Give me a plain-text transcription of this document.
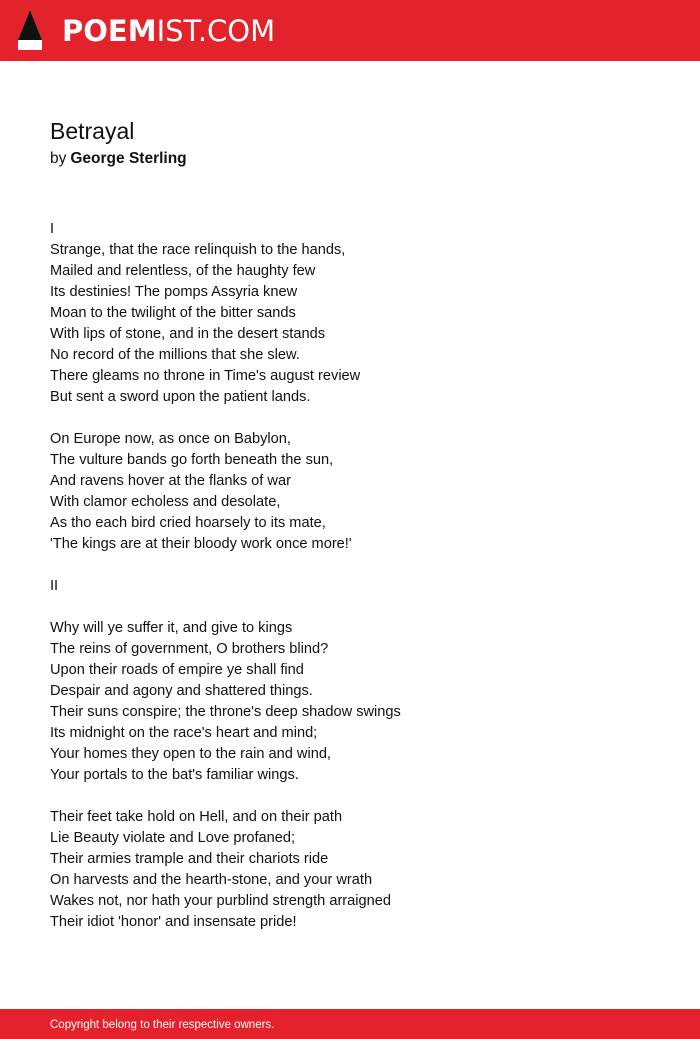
POEMIST.COM
Betrayal
by George Sterling
I
Strange, that the race relinquish to the hands,
Mailed and relentless, of the haughty few
Its destinies! The pomps Assyria knew
Moan to the twilight of the bitter sands
With lips of stone, and in the desert stands
No record of the millions that she slew.
There gleams no throne in Time's august review
But sent a sword upon the patient lands.
On Europe now, as once on Babylon,
The vulture bands go forth beneath the sun,
And ravens hover at the flanks of war
With clamor echoless and desolate,
As tho each bird cried hoarsely to its mate,
'The kings are at their bloody work once more!'
II
Why will ye suffer it, and give to kings
The reins of government, O brothers blind?
Upon their roads of empire ye shall find
Despair and agony and shattered things.
Their suns conspire; the throne's deep shadow swings
Its midnight on the race's heart and mind;
Your homes they open to the rain and wind,
Your portals to the bat's familiar wings.
Their feet take hold on Hell, and on their path
Lie Beauty violate and Love profaned;
Their armies trample and their chariots ride
On harvests and the hearth-stone, and your wrath
Wakes not, nor hath your purblind strength arraigned
Their idiot 'honor' and insensate pride!
Copyright belong to their respective owners.
